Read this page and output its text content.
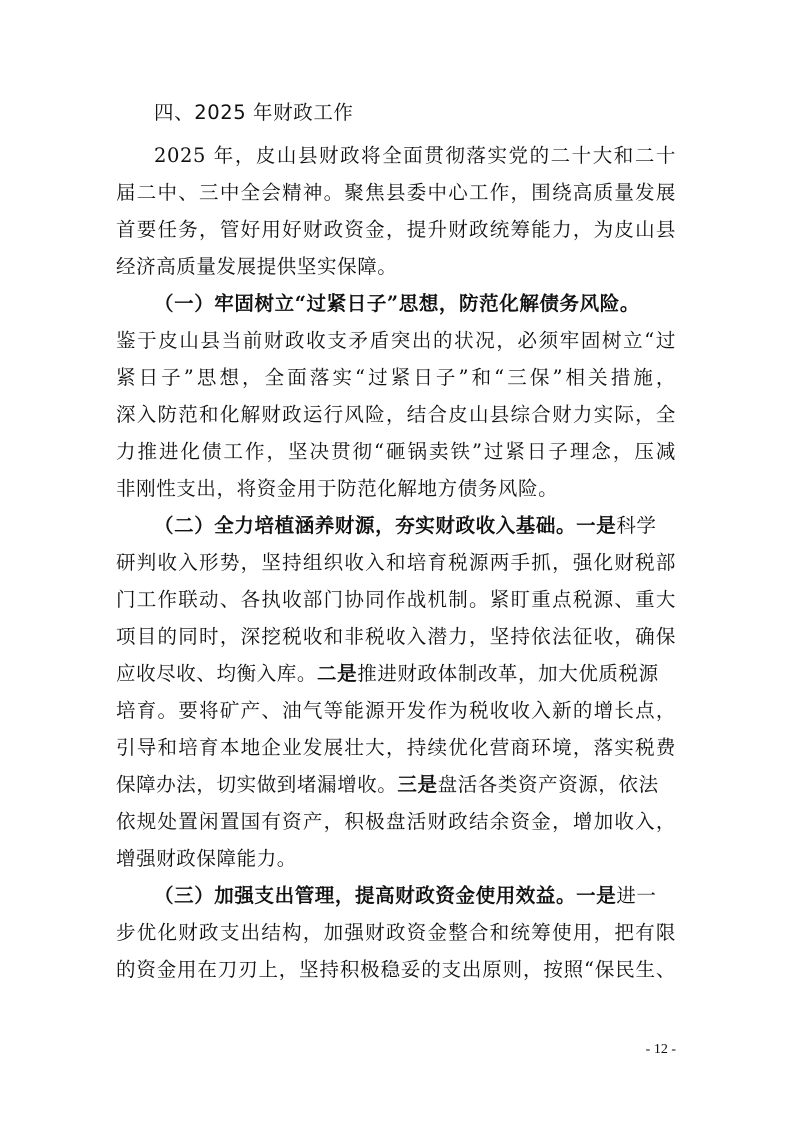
四、2025 年财政工作
2025 年，皮山县财政将全面贯彻落实党的二十大和二十
届二中、三中全会精神。聚焦县委中心工作，围绕高质量发展
首要任务，管好用好财政资金，提升财政统筹能力，为皮山县
经济高质量发展提供坚实保障。
（一）牢固树立“过紧日子”思想，防范化解债务风险。
鉴于皮山县当前财政收支矛盾突出的状况，必须牢固树立“过
紧日子”思想，全面落实“过紧日子”和“三保”相关措施，
深入防范和化解财政运行风险，结合皮山县综合财力实际，全
力推进化债工作，坚决贯彻“砸锅卖铁”过紧日子理念，压减
非刚性支出，将资金用于防范化解地方债务风险。
（二）全力培植涵养财源，夯实财政收入基础。一是科学
研判收入形势，坚持组织收入和培育税源两手抓，强化财税部
门工作联动、各执收部门协同作战机制。紧盯重点税源、重大
项目的同时，深挖税收和非税收入潜力，坚持依法征收，确保
应收尽收、均衡入库。二是推进财政体制改革，加大优质税源
培育。要将矿产、油气等能源开发作为税收收入新的增长点，
引导和培育本地企业发展壮大，持续优化营商环境，落实税费
保障办法，切实做到堵漏增收。三是盘活各类资产资源，依法
依规处置闲置国有资产，积极盘活财政结余资金，增加收入，
增强财政保障能力。
（三）加强支出管理，提高财政资金使用效益。一是进一
步优化财政支出结构，加强财政资金整合和统筹使用，把有限
的资金用在刀刃上，坚持积极稳妥的支出原则，按照“保民生、
- 12 -
